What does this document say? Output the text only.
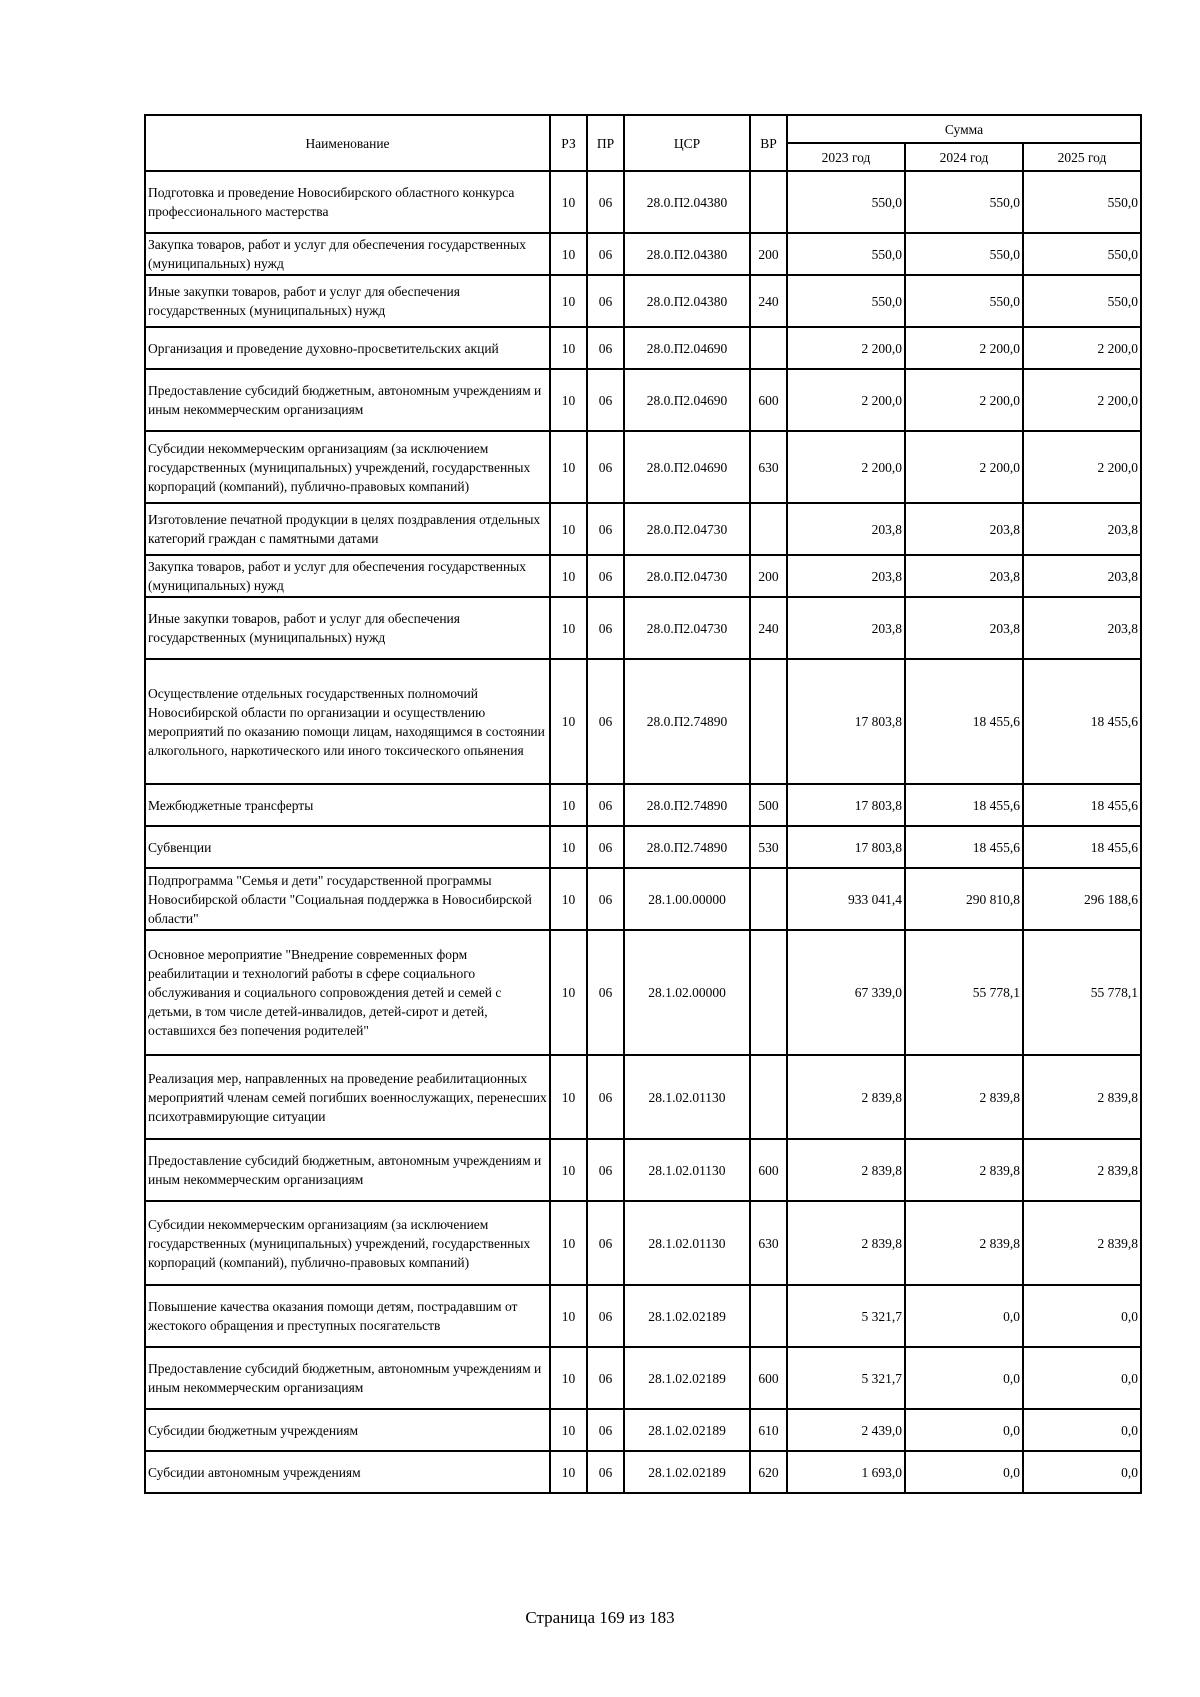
Наименование	РЗ	ПР	ЦСР	ВР	Сумма		
					2023 год	2024 год	2025 год
Подготовка и проведение Новосибирского областного конкурса профессионального мастерства	10	06	28.0.П2.04380		550,0	550,0	550,0
Закупка товаров, работ и услуг для обеспечения государственных (муниципальных) нужд	10	06	28.0.П2.04380	200	550,0	550,0	550,0
Иные закупки товаров, работ и услуг для обеспечения государственных (муниципальных) нужд	10	06	28.0.П2.04380	240	550,0	550,0	550,0
Организация и проведение духовно-просветительских акций	10	06	28.0.П2.04690		2 200,0	2 200,0	2 200,0
Предоставление субсидий бюджетным, автономным учреждениям и иным некоммерческим организациям	10	06	28.0.П2.04690	600	2 200,0	2 200,0	2 200,0
Субсидии некоммерческим организациям (за исключением государственных (муниципальных) учреждений, государственных корпораций (компаний), публично-правовых компаний)	10	06	28.0.П2.04690	630	2 200,0	2 200,0	2 200,0
Изготовление печатной продукции в целях поздравления отдельных категорий граждан с памятными датами	10	06	28.0.П2.04730		203,8	203,8	203,8
Закупка товаров, работ и услуг для обеспечения государственных (муниципальных) нужд	10	06	28.0.П2.04730	200	203,8	203,8	203,8
Иные закупки товаров, работ и услуг для обеспечения государственных (муниципальных) нужд	10	06	28.0.П2.04730	240	203,8	203,8	203,8
Осуществление отдельных государственных полномочий Новосибирской области по организации и осуществлению мероприятий по оказанию помощи лицам, находящимся в состоянии алкогольного, наркотического или иного токсического опьянения	10	06	28.0.П2.74890		17 803,8	18 455,6	18 455,6
Межбюджетные трансферты	10	06	28.0.П2.74890	500	17 803,8	18 455,6	18 455,6
Субвенции	10	06	28.0.П2.74890	530	17 803,8	18 455,6	18 455,6
Подпрограмма "Семья и дети" государственной программы Новосибирской области "Социальная поддержка в Новосибирской области"	10	06	28.1.00.00000		933 041,4	290 810,8	296 188,6
Основное мероприятие "Внедрение современных форм реабилитации и технологий работы в сфере социального обслуживания и социального сопровождения детей и семей с детьми, в том числе детей-инвалидов, детей-сирот и детей, оставшихся без попечения родителей"	10	06	28.1.02.00000		67 339,0	55 778,1	55 778,1
Реализация мер, направленных на проведение реабилитационных мероприятий членам семей погибших военнослужащих, перенесших психотравмирующие ситуации	10	06	28.1.02.01130		2 839,8	2 839,8	2 839,8
Предоставление субсидий бюджетным, автономным учреждениям и иным некоммерческим организациям	10	06	28.1.02.01130	600	2 839,8	2 839,8	2 839,8
Субсидии некоммерческим организациям (за исключением государственных (муниципальных) учреждений, государственных корпораций (компаний), публично-правовых компаний)	10	06	28.1.02.01130	630	2 839,8	2 839,8	2 839,8
Повышение качества оказания помощи детям, пострадавшим от жестокого обращения и преступных посягательств	10	06	28.1.02.02189		5 321,7	0,0	0,0
Предоставление субсидий бюджетным, автономным учреждениям и иным некоммерческим организациям	10	06	28.1.02.02189	600	5 321,7	0,0	0,0
Субсидии бюджетным учреждениям	10	06	28.1.02.02189	610	2 439,0	0,0	0,0
Субсидии автономным учреждениям	10	06	28.1.02.02189	620	1 693,0	0,0	0,0
Страница 169 из 183
